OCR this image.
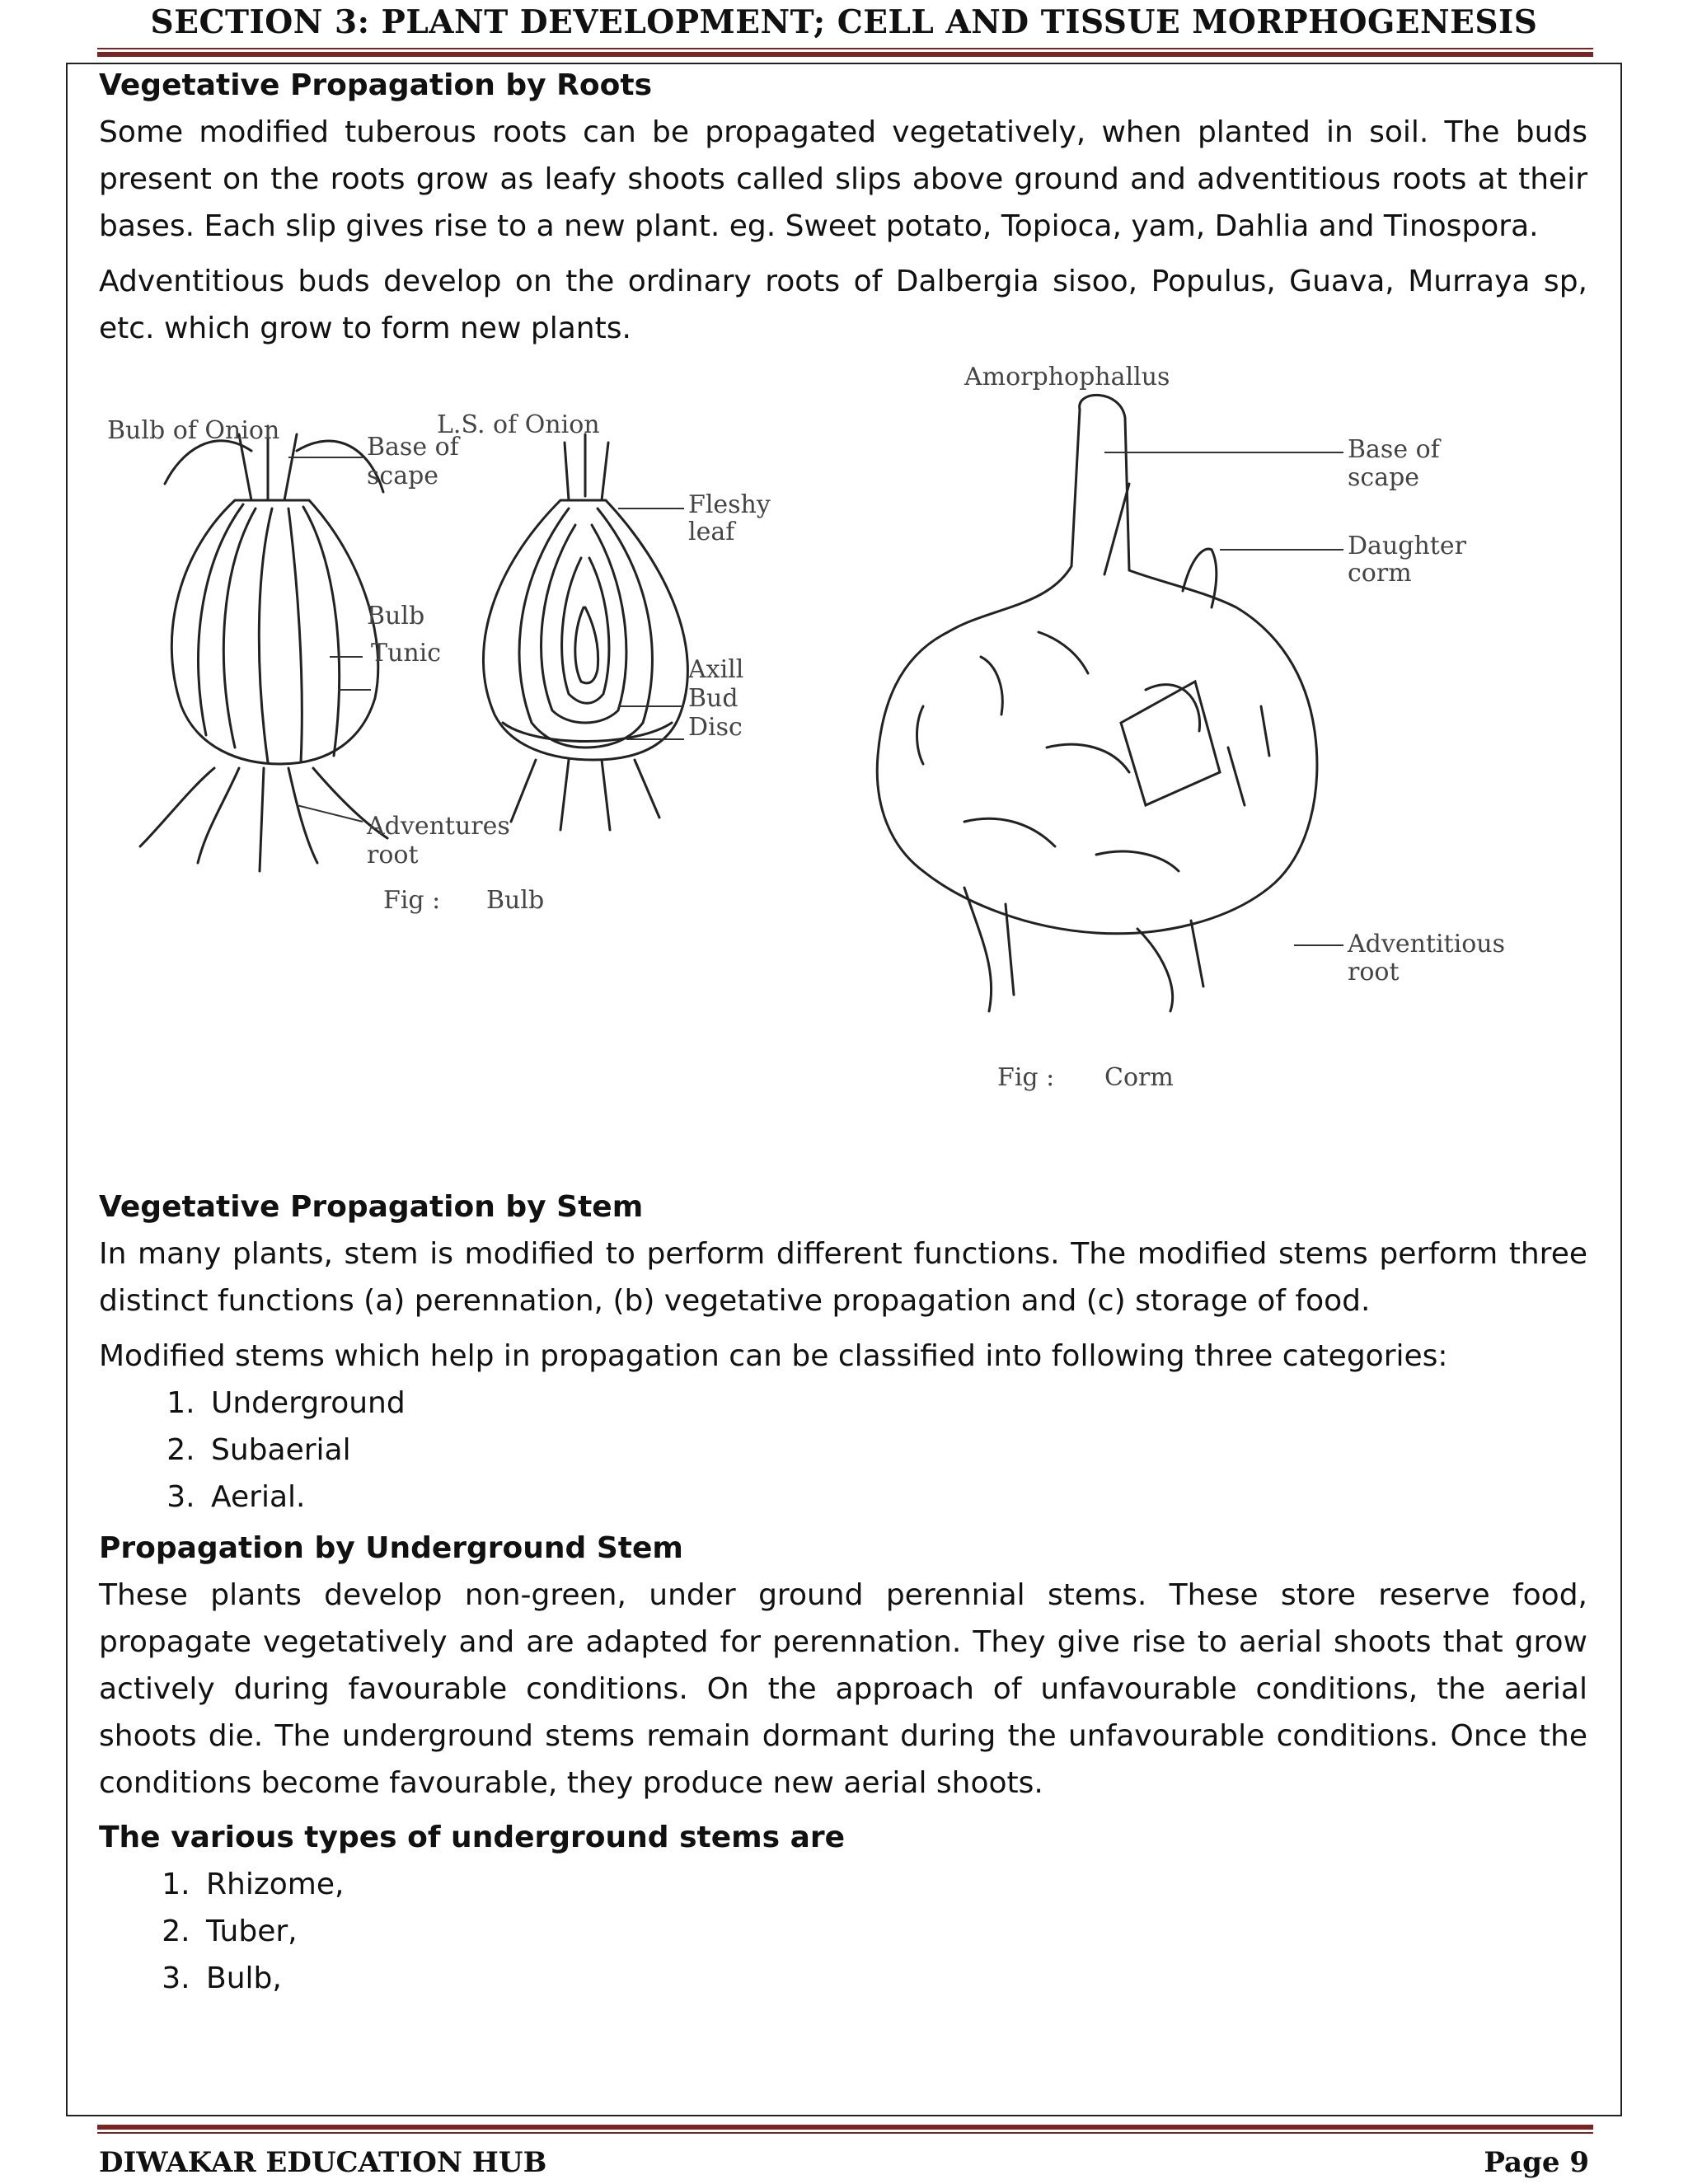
SECTION 3: PLANT DEVELOPMENT; CELL AND TISSUE MORPHOGENESIS
Vegetative Propagation by Roots

Some modified tuberous roots can be propagated vegetatively, when planted in soil. The buds present on the roots grow as leafy shoots called slips above ground and adventitious roots at their bases. Each slip gives rise to a new plant. eg. Sweet potato, Topioca, yam, Dahlia and Tinospora.

Adventitious buds develop on the ordinary roots of Dalbergia sisoo, Populus, Guava, Murraya sp, etc. which grow to form new plants.

Bulb of Onion	L.S. of Onion
Base of
scape
Fleshy
leaf
Bulb
Tunic
Axill
Bud
Disc
Adventures
root
Fig : Bulb
Amorphophallus
Base of
scape
Daughter
corm
Adventitious
root
Fig : Corm
Vegetative Propagation by Stem

In many plants, stem is modified to perform different functions. The modified stems perform three distinct functions (a) perennation, (b) vegetative propagation and (c) storage of food.

Modified stems which help in propagation can be classified into following three categories:

1. Underground
2. Subaerial
3. Aerial.
Propagation by Underground Stem

These plants develop non-green, under ground perennial stems. These store reserve food, propagate vegetatively and are adapted for perennation. They give rise to aerial shoots that grow actively during favourable conditions. On the approach of unfavourable conditions, the aerial shoots die. The underground stems remain dormant during the unfavourable conditions. Once the conditions become favourable, they produce new aerial shoots.

The various types of underground stems are
1. Rhizome,
2. Tuber,
3. Bulb,
DIWAKAR EDUCATION HUB	Page 9
